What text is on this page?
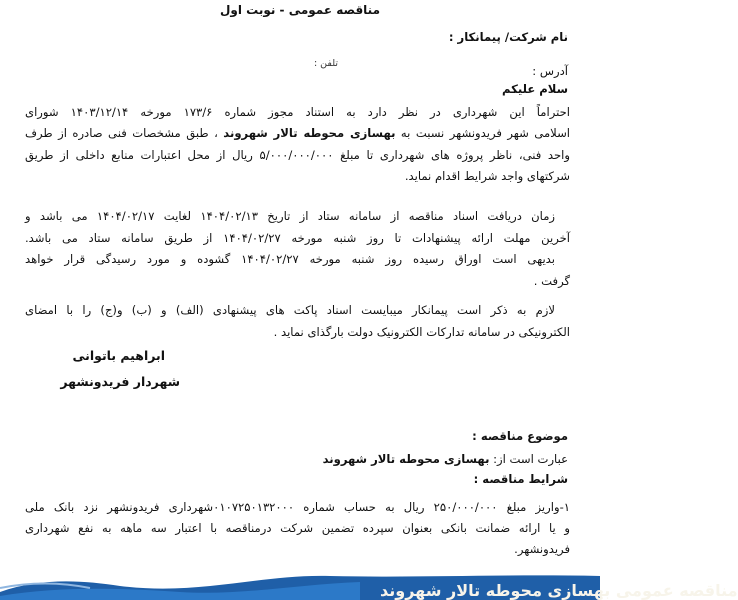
مناقصه عمومی - نوبت اول
نام شرکت/ پیمانکار :
آدرس :
تلفن :
سلام علیکم
احتراماً این شهرداری در نظر دارد به استناد مجوز شماره ۱۷۳/۶ مورخه ۱۴۰۳/۱۲/۱۴ شورای
اسلامی شهر فریدونشهر نسبت به بهسازی محوطه تالار شهروند ، طبق مشخصات فنی صادره از طرف
واحد فنی، ناظر پروژه های شهرداری تا مبلغ ۵/۰۰۰/۰۰۰/۰۰۰ ریال از محل اعتبارات منابع داخلی از طریق
شرکتهای واجد شرایط اقدام نماید.
زمان دریافت اسناد مناقصه از سامانه ستاد از تاریخ ۱۴۰۴/۰۲/۱۳ لغایت ۱۴۰۴/۰۲/۱۷ می باشد و
آخرین مهلت ارائه پیشنهادات تا روز شنبه مورخه ۱۴۰۴/۰۲/۲۷ از طریق سامانه ستاد می باشد.
بدیهی است اوراق رسیده روز شنبه مورخه ۱۴۰۴/۰۲/۲۷ گشوده و مورد رسیدگی قرار خواهد
گرفت .
لازم به ذکر است پیمانکار میبایست اسناد پاکت های پیشنهادی (الف) و (ب) و(ج) را با امضای
الکترونیکی در سامانه تدارکات الکترونیک دولت بارگذای نماید .
ابراهیم باتوانی
شهردار فریدونشهر
موضوع مناقصه :
عبارت است از: بهسازی محوطه تالار شهروند
شرایط مناقصه :
۱-واریز مبلغ ۲۵۰/۰۰۰/۰۰۰ ریال به حساب شماره ۰۱۰۷۲۵۰۱۳۲۰۰۰شهرداری فریدونشهر نزد بانک ملی
و یا ارائه ضمانت بانکی بعنوان سپرده تضمین شرکت درمناقصه با اعتبار سه ماهه به نفع شهرداری
فریدونشهر.
مناقصه عمومی بهسازی محوطه تالار شهروند
